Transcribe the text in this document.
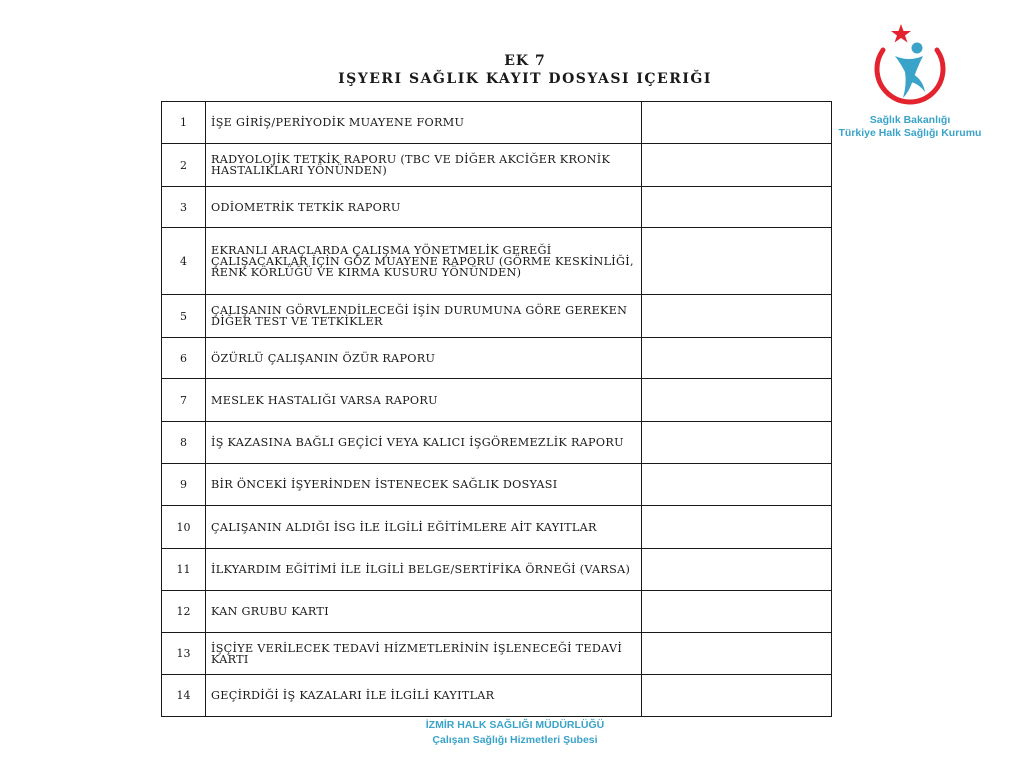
EK 7
IŞYERI SAĞLIK KAYIT DOSYASI IÇERIĞI
Sağlık Bakanlığı
Türkiye Halk Sağlığı Kurumu
1	İŞE GİRİŞ/PERİYODİK MUAYENE FORMU	
2	RADYOLOJİK TETKİK RAPORU (TBC VE DİĞER AKCİĞER KRONİK HASTALIKLARI YÖNÜNDEN)	
3	ODİOMETRİK TETKİK RAPORU	
4	EKRANLI ARAÇLARDA ÇALIŞMA YÖNETMELİK GEREĞİ ÇALIŞACAKLAR İÇİN GÖZ MUAYENE RAPORU (GÖRME KESKİNLİĞİ, RENK KÖRLÜĞÜ VE KIRMA KUSURU YÖNÜNDEN)	
5	ÇALIŞANIN GÖRVLENDİLECEĞİ İŞİN DURUMUNA GÖRE GEREKEN DİĞER TEST VE TETKİKLER	
6	ÖZÜRLÜ ÇALIŞANIN ÖZÜR RAPORU	
7	MESLEK HASTALIĞI VARSA RAPORU	
8	İŞ KAZASINA BAĞLI GEÇİCİ VEYA KALICI İŞGÖREMEZLİK RAPORU	
9	BİR ÖNCEKİ İŞYERİNDEN İSTENECEK SAĞLIK DOSYASI	
10	ÇALIŞANIN ALDIĞI İSG İLE İLGİLİ EĞİTİMLERE AİT KAYITLAR	
11	İLKYARDIM EĞİTİMİ İLE İLGİLİ BELGE/SERTİFİKA ÖRNEĞİ (VARSA)	
12	KAN GRUBU KARTI	
13	İŞÇİYE VERİLECEK TEDAVİ HİZMETLERİNİN İŞLENECEĞİ TEDAVİ KARTI	
14	GEÇİRDİĞİ İŞ KAZALARI İLE İLGİLİ KAYITLAR	
İZMİR HALK SAĞLIĞI MÜDÜRLÜĞÜ
Çalışan Sağlığı Hizmetleri Şubesi
